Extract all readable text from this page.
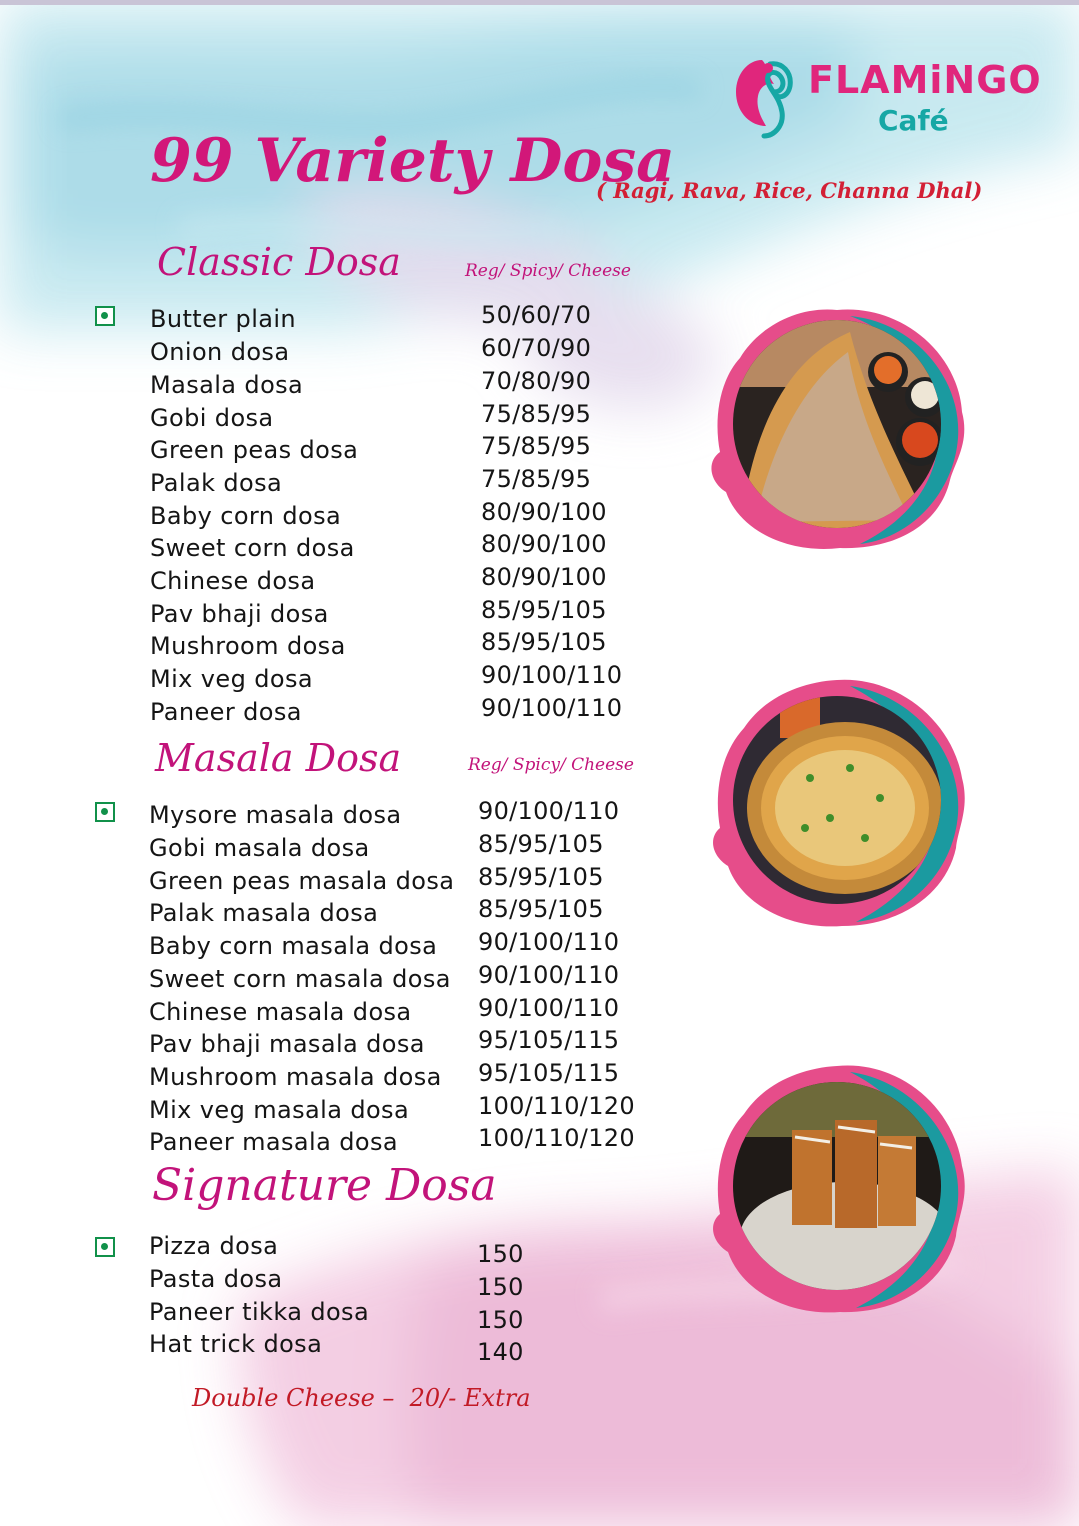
FLAMiNGO
Café
99 Variety Dosa
( Ragi, Rava, Rice, Channa Dhal)
Classic Dosa	Reg/ Spicy/ Cheese
Masala Dosa	Reg/ Spicy/ Cheese
Signature Dosa
Butter plain	50/60/70
Onion dosa	60/70/90
Masala dosa	70/80/90
Gobi dosa	75/85/95
Green peas dosa	75/85/95
Palak dosa	75/85/95
Baby corn dosa	80/90/100
Sweet corn dosa	80/90/100
Chinese dosa	80/90/100
Pav bhaji dosa	85/95/105
Mushroom dosa	85/95/105
Mix veg dosa	90/100/110
Paneer dosa	90/100/110
Mysore masala dosa	90/100/110
Gobi masala dosa	85/95/105
Green peas masala dosa 85/95/105
Palak masala dosa	85/95/105
Baby corn masala dosa 90/100/110
Sweet corn masala dosa 90/100/110
Chinese masala dosa	90/100/110
Pav bhaji masala dosa 95/105/115
Mushroom masala dosa 95/105/115
Mix veg masala dosa	100/110/120
Paneer masala dosa	100/110/120
Pizza dosa	150
Pasta dosa	150
Paneer tikka dosa	150
Hat trick dosa	140
Double Cheese –  20/- Extra
